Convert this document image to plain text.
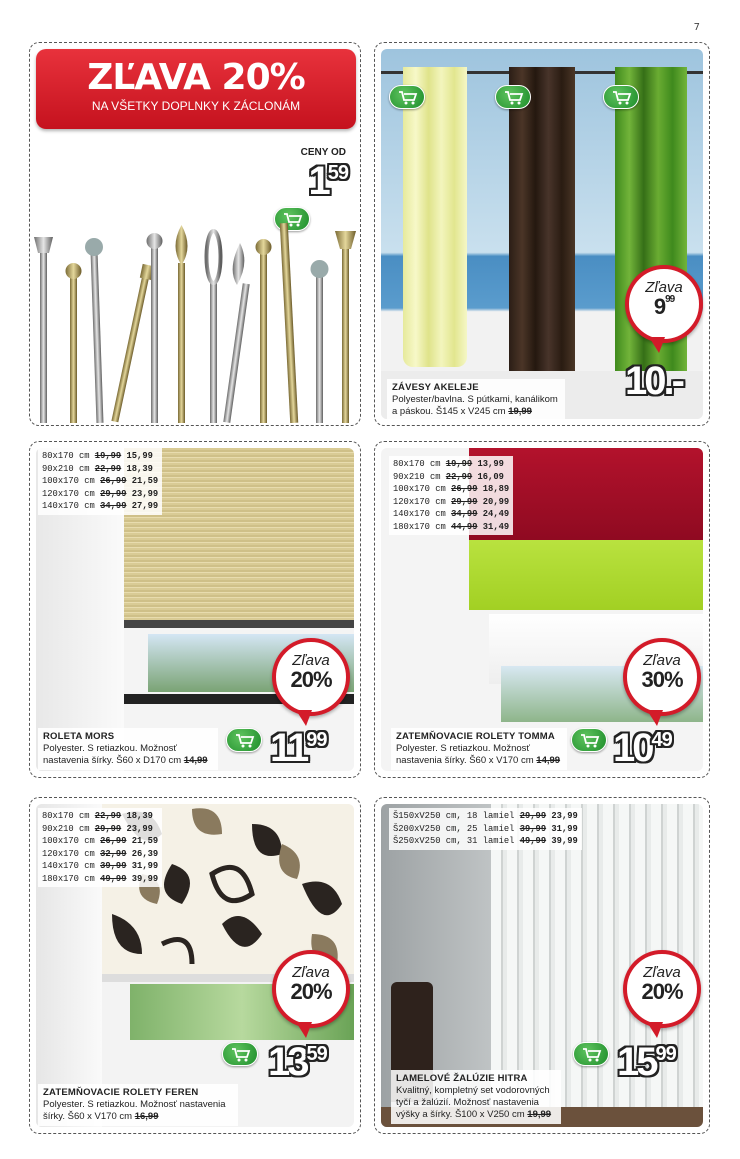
7
ZĽAVA 20%
NA VŠETKY DOPLNKY K ZÁCLONÁM
CENY OD
159
Zľava
$9^{99}$
10.-
ZÁVESY AKELEJE
Polyester/bavlna. S pútkami, kanálikom
a páskou. Š145 x V245 cm 19,99
80x170 cm 19,99 15,99
90x210 cm 22,99 18,39
100x170 cm 26,99 21,59
120x170 cm 29,99 23,99
140x170 cm 34,99 27,99
Zľava
20%
1199
ROLETA MORS
Polyester. S retiazkou. Možnosť
nastavenia šírky. Š60 x D170 cm 14,99
80x170 cm 19,99 13,99
90x210 cm 22,99 16,09
100x170 cm 26,99 18,89
120x170 cm 29,99 20,99
140x170 cm 34,99 24,49
180x170 cm 44,99 31,49
Zľava
30%
1049
ZATEMŇOVACIE ROLETY TOMMA
Polyester. S retiazkou. Možnosť
nastavenia šírky. Š60 x V170 cm 14,99
80x170 cm 22,99 18,39
90x210 cm 29,99 23,99
100x170 cm 26,99 21,59
120x170 cm 32,99 26,39
140x170 cm 39,99 31,99
180x170 cm 49,99 39,99
Zľava
20%
1359
ZATEMŇOVACIE ROLETY FEREN
Polyester. S retiazkou. Možnosť nastavenia
šírky. Š60 x V170 cm 16,99
Š150xV250 cm, 18 lamiel 29,99 23,99
Š200xV250 cm, 25 lamiel 39,99 31,99
Š250xV250 cm, 31 lamiel 49,99 39,99
Zľava
20%
1599
LAMELOVÉ ŽALÚZIE HITRA
Kvalitný, kompletný set vodorovných
tyčí a žalúzií. Možnosť nastavenia
výšky a šírky. Š100 x V250 cm 19,99
